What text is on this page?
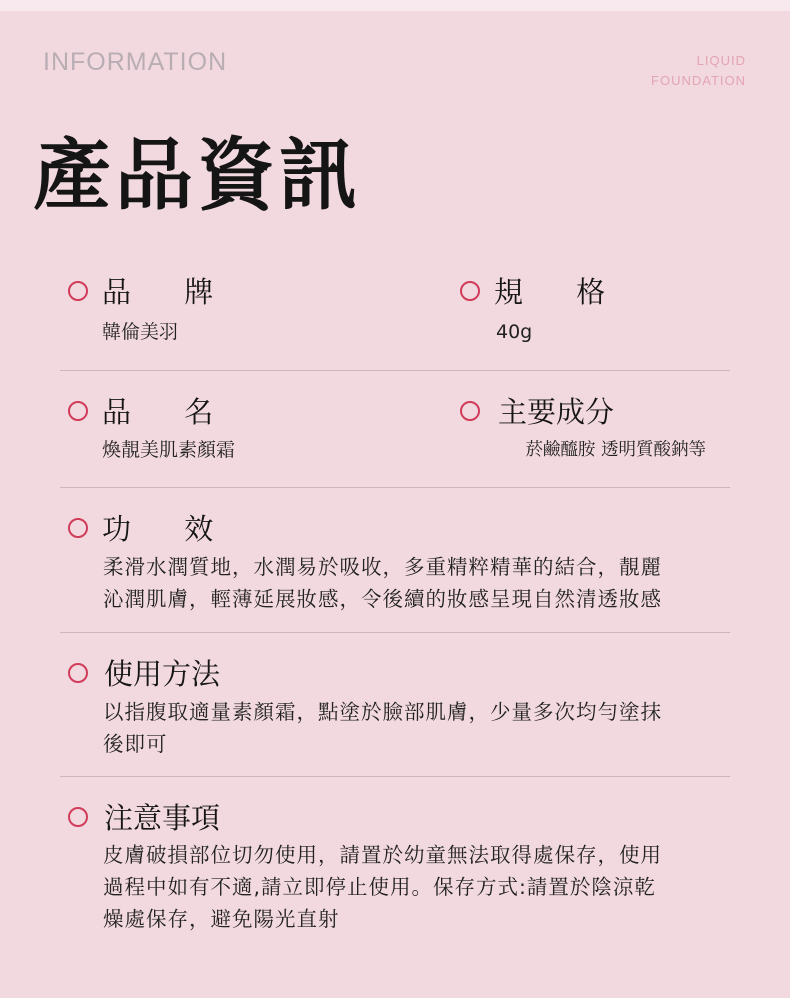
INFORMATION	LIQUID
FOUNDATION
產品資訊
品 牌
韓倫美羽
規 格
40g
品 名
煥靚美肌素顏霜
主要成分
菸鹼醯胺 透明質酸鈉等
功 效
柔滑水潤質地，水潤易於吸收，多重精粹精華的結合，靚麗
沁潤肌膚，輕薄延展妝感，令後續的妝感呈現自然清透妝感
使用方法
以指腹取適量素顏霜，點塗於臉部肌膚，少量多次均勻塗抹
後即可
注意事項
皮膚破損部位切勿使用，請置於幼童無法取得處保存，使用
過程中如有不適,請立即停止使用。保存方式:請置於陰涼乾
燥處保存，避免陽光直射
